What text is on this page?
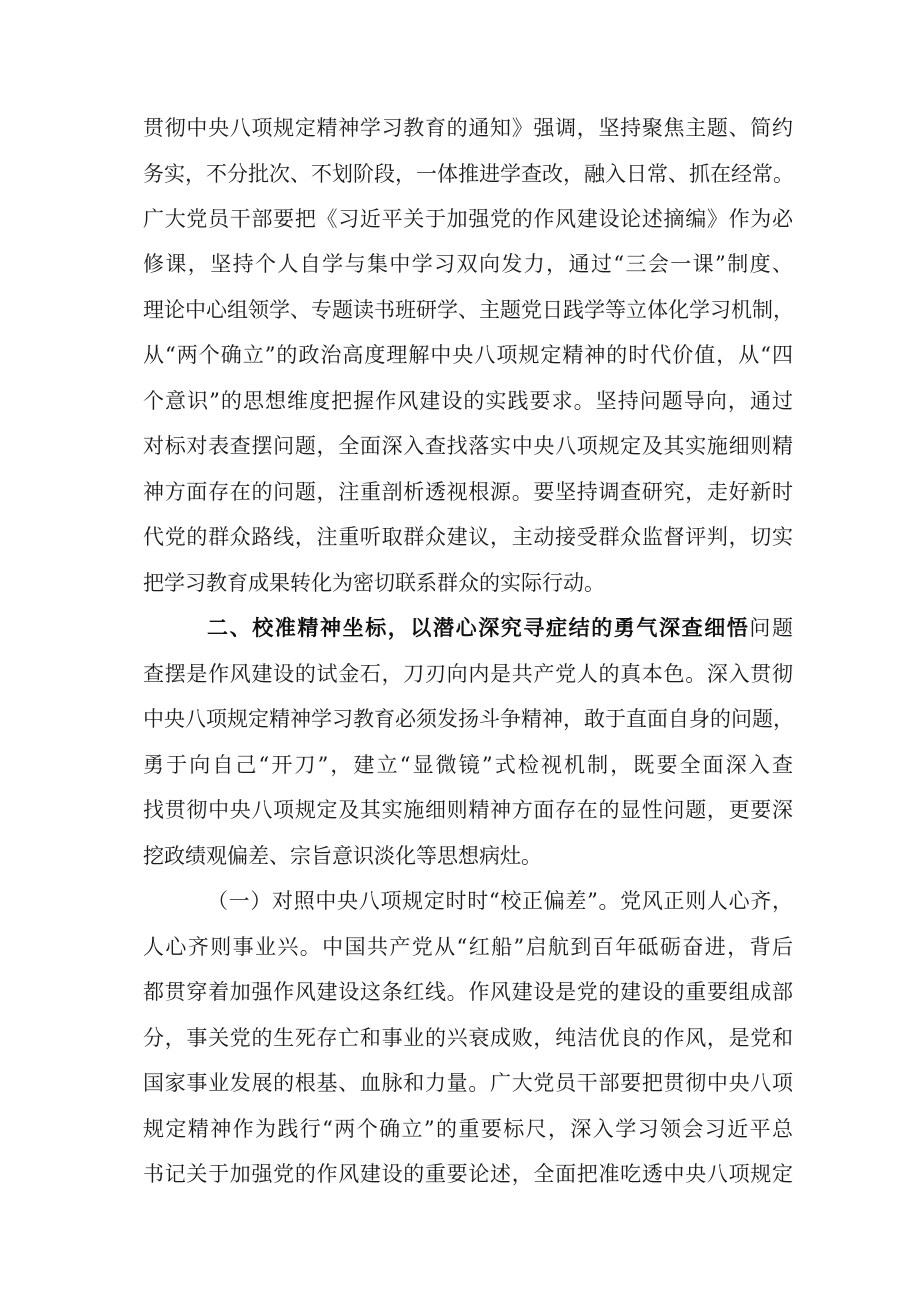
贯彻中央八项规定精神学习教育的通知》强调，坚持聚焦主题、简约
务实，不分批次、不划阶段，一体推进学查改，融入日常、抓在经常。
广大党员干部要把《习近平关于加强党的作风建设论述摘编》作为必
修课，坚持个人自学与集中学习双向发力，通过“三会一课”制度、
理论中心组领学、专题读书班研学、主题党日践学等立体化学习机制，
从“两个确立”的政治高度理解中央八项规定精神的时代价值，从“四
个意识”的思想维度把握作风建设的实践要求。坚持问题导向，通过
对标对表查摆问题，全面深入查找落实中央八项规定及其实施细则精
神方面存在的问题，注重剖析透视根源。要坚持调查研究，走好新时
代党的群众路线，注重听取群众建议，主动接受群众监督评判，切实
把学习教育成果转化为密切联系群众的实际行动。
二、校准精神坐标，以潜心深究寻症结的勇气深查细悟问题
查摆是作风建设的试金石，刀刃向内是共产党人的真本色。深入贯彻
中央八项规定精神学习教育必须发扬斗争精神，敢于直面自身的问题，
勇于向自己“开刀”，建立“显微镜”式检视机制，既要全面深入查
找贯彻中央八项规定及其实施细则精神方面存在的显性问题，更要深
挖政绩观偏差、宗旨意识淡化等思想病灶。
（一）对照中央八项规定时时“校正偏差”。党风正则人心齐，
人心齐则事业兴。中国共产党从“红船”启航到百年砥砺奋进，背后
都贯穿着加强作风建设这条红线。作风建设是党的建设的重要组成部
分，事关党的生死存亡和事业的兴衰成败，纯洁优良的作风，是党和
国家事业发展的根基、血脉和力量。广大党员干部要把贯彻中央八项
规定精神作为践行“两个确立”的重要标尺，深入学习领会习近平总
书记关于加强党的作风建设的重要论述，全面把准吃透中央八项规定
